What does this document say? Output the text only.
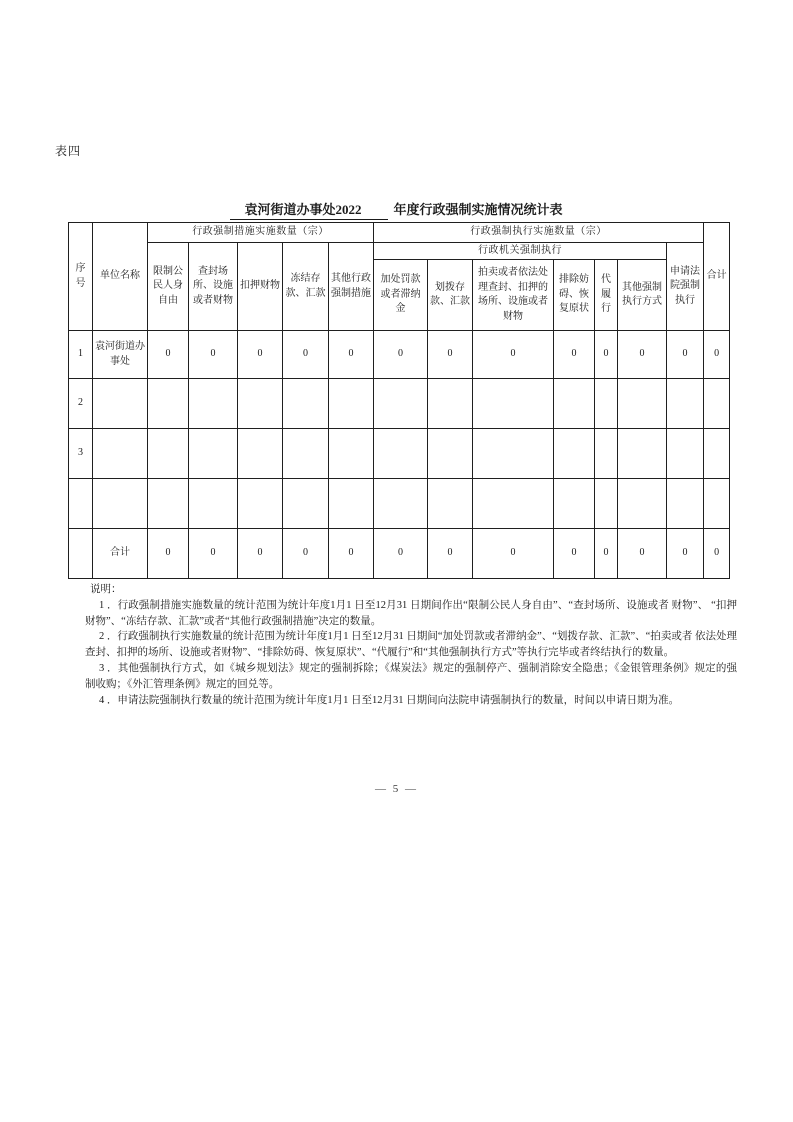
表四
袁河街道办事处2022 年度行政强制实施情况统计表
序号	单位名称	行政强制措施实施数量（宗）					行政强制执行实施数量（宗）							合计
		限制公民人身自由	查封场所、设施或者财物	扣押财物	冻结存款、汇款	其他行政强制措施	行政机关强制执行						申请法院强制执行	
							加处罚款或者滞纳金	划拨存款、汇款	拍卖或者依法处理查封、扣押的场所、设施或者财物	排除妨碍、恢复原状	代履行	其他强制执行方式		
1	袁河街道办事处	0	0	0	0	0	0	0	0	0	0	0	0	0
2														
3														

	合计	0	0	0	0	0	0	0	0	0	0	0	0	0

说明：

1 ．行政强制措施实施数量的统计范围为统计年度1月1 日至12月31 日期间作出“限制公民人身自由”、“查封场所、设施或者 财物”、 “扣押财物”、“冻结存款、汇款”或者“其他行政强制措施”决定的数量。

2 ．行政强制执行实施数量的统计范围为统计年度1月1 日至12月31 日期间“加处罚款或者滞纳金”、“划拨存款、汇款”、“拍卖或者 依法处理查封、扣押的场所、设施或者财物”、“排除妨碍、恢复原状”、“代履行”和“其他强制执行方式”等执行完毕或者终结执行的数量。

3 ．其他强制执行方式，如《城乡规划法》规定的强制拆除；《煤炭法》规定的强制停产、强制消除安全隐患；《金银管理条例》规定的强 制收购；《外汇管理条例》规定的回兑等。

4 ．申请法院强制执行数量的统计范围为统计年度1月1 日至12月31 日期间向法院申请强制执行的数量，时间以申请日期为准。

— 5 —
